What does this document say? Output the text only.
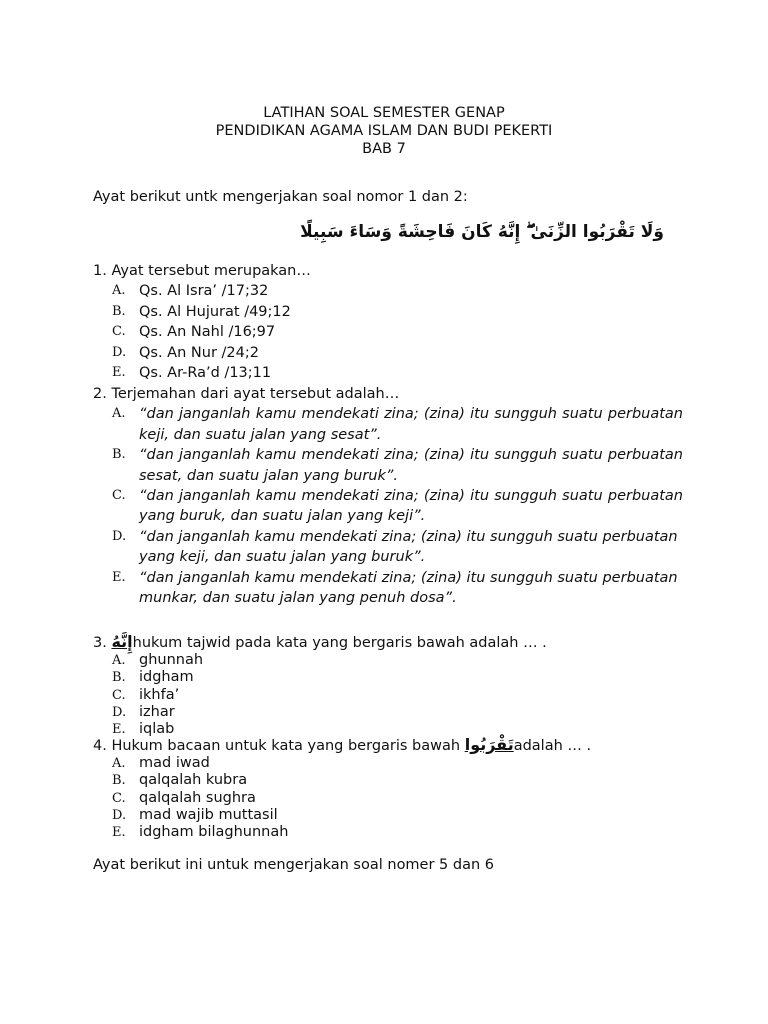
LATIHAN SOAL SEMESTER GENAP
PENDIDIKAN AGAMA ISLAM DAN BUDI PEKERTI
BAB 7
Ayat berikut untk mengerjakan soal nomor 1 dan 2:
وَلَا تَقْرَبُوا الزِّنَىٰ ۖ إِنَّهُ كَانَ فَاحِشَةً وَسَاءَ سَبِيلًا
1. Ayat tersebut merupakan…
A. Qs. Al Isra’ /17;32
B. Qs. Al Hujurat /49;12
C. Qs. An Nahl /16;97
D. Qs. An Nur /24;2
E. Qs. Ar-Ra’d /13;11
2. Terjemahan dari ayat tersebut adalah…
A. “dan janganlah kamu mendekati zina; (zina) itu sungguh suatu perbuatan keji, dan suatu jalan yang sesat”.
B. “dan janganlah kamu mendekati zina; (zina) itu sungguh suatu perbuatan sesat, dan suatu jalan yang buruk”.
C. “dan janganlah kamu mendekati zina; (zina) itu sungguh suatu perbuatan yang buruk, dan suatu jalan yang keji”.
D. “dan janganlah kamu mendekati zina; (zina) itu sungguh suatu perbuatan yang keji, dan suatu jalan yang buruk”.
E. “dan janganlah kamu mendekati zina; (zina) itu sungguh suatu perbuatan munkar, dan suatu jalan yang penuh dosa”.
3. إِنَّهُhukum tajwid pada kata yang bergaris bawah adalah … .
A. ghunnah
B. idgham
C. ikhfa’
D. izhar
E. iqlab
4. Hukum bacaan untuk kata yang bergaris bawah تَقْرَبُواadalah … .
A. mad iwad
B. qalqalah kubra
C. qalqalah sughra
D. mad wajib muttasil
E. idgham bilaghunnah
Ayat berikut ini untuk mengerjakan soal nomer 5 dan 6
